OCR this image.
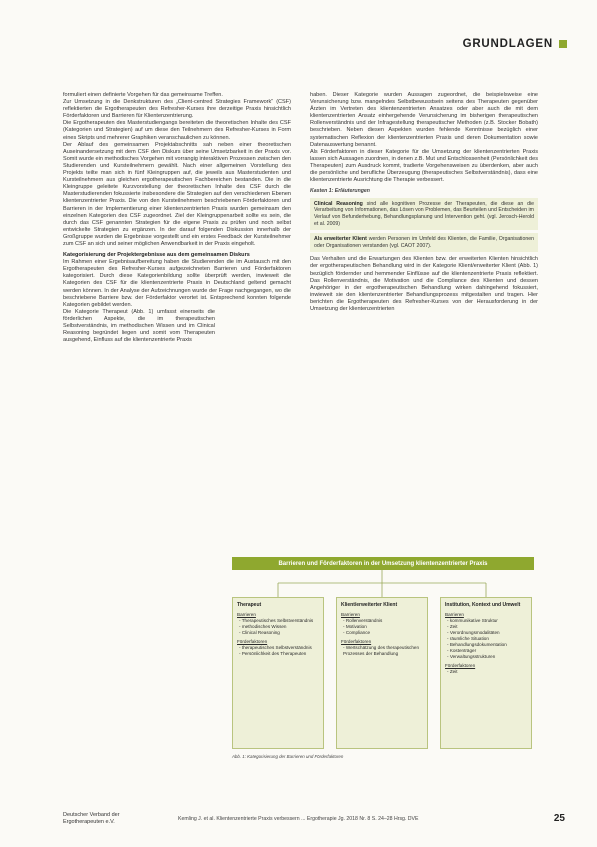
GRUNDLAGEN

formuliert einen definierte Vorgehen für das gemeinsame Treffen.

Zur Umsetzung in die Denkstrukturen des „Client-centred Strategies Framework“ (CSF) reflektierten die Ergotherapeuten des Refresher-Kurses ihre derzeitige Praxis hinsichtlich Förderfaktoren und Barrieren für Klientenzentrierung.

Die Ergotherapeuten des Masterstudiengangs bereiteten die theoretischen Inhalte des CSF (Kategorien und Strategien) auf um diese den Teilnehmern des Refresher-Kurses in Form eines Skripts und mehrerer Graphiken veranschaulichen zu können.

Der Ablauf des gemeinsamen Projektabschnitts sah neben einer theoretischen Auseinandersetzung mit dem CSF den Diskurs über seine Umsetzbarkeit in der Praxis vor. Somit wurde ein methodisches Vorgehen mit vorrangig interaktiven Prozessen zwischen den Studierenden und Kursteilnehmern gewählt. Nach einer allgemeinen Vorstellung des Projekts teilte man sich in fünf Kleingruppen auf, die jeweils aus Masterstudenten und Kursteilnehmern aus gleichen ergotherapeutischen Fachbereichen bestanden. Die in die Kleingruppe geleitete Kurzvorstellung der theoretischen Inhalte des CSF durch die Masterstudierenden fokussierte insbesondere die Strategien auf den verschiedenen Ebenen klientenzentrierter Praxis. Die von den Kursteilnehmern beschriebenen Förderfaktoren und Barrieren in der Implementierung einer klientenzentrierten Praxis wurden gemeinsam den einzelnen Kategorien des CSF zugeordnet. Ziel der Kleingruppenarbeit sollte es sein, die durch das CSF genannten Strategien für die eigene Praxis zu prüfen und noch selbst entwickelte Strategien zu ergänzen. In der darauf folgenden Diskussion innerhalb der Großgruppe wurden die Ergebnisse vorgestellt und ein erstes Feedback der Kursteilnehmer zum CSF an sich und seiner möglichen Anwendbarkeit in der Praxis eingeholt.

Kategorisierung der Projektergebnisse aus dem gemeinsamen Diskurs

Im Rahmen einer Ergebnisaufbereitung haben die Studierenden die im Austausch mit den Ergotherapeuten des Refresher-Kurses aufgezeichneten Barrieren und Förderfaktoren kategorisiert. Durch diese Kategorienbildung sollte überprüft werden, inwieweit die Kategorien des CSF für die klientenzentrierte Praxis in Deutschland geltend gemacht werden können. In der Analyse der Aufzeichnungen wurde der Frage nachgegangen, wo die beschriebene Barriere bzw. der Förderfaktor verortet ist. Entsprechend konnten folgende Kategorien gebildet werden.

Die Kategorie Therapeut (Abb. 1) umfasst einerseits die förderlichen Aspekte, die im therapeutischen Selbstverständnis, im methodischen Wissen und im Clinical Reasoning begründet liegen und somit vom Therapeuten ausgehend, Einfluss auf die klientenzentrierte Praxis

haben. Dieser Kategorie wurden Aussagen zugeordnet, die beispielsweise eine Verunsicherung bzw. mangelndes Selbstbewusstsein seitens des Therapeuten gegenüber Ärzten im Vertreten des klientenzentrierten Ansatzes oder aber auch die mit dem klientenzentrierten Ansatz einhergehende Verunsicherung im bisherigen therapeutischen Rollenverständnis und der Infragestellung therapeutischer Methoden (z.B. Stocker Bobath) beschrieben. Neben diesen Aspekten wurden fehlende Kenntnisse bezüglich einer systematischen Reflexion der klientenzentrierten Praxis und deren Dokumentation sowie Datenauswertung benannt.

Als Förderfaktoren in dieser Kategorie für die Umsetzung der klientenzentrierten Praxis lassen sich Aussagen zuordnen, in denen z.B. Mut und Entschlossenheit (Persönlichkeit des Therapeuten) zum Ausdruck kommt, tradierte Vorgehensweisen zu überdenken, aber auch die persönliche und berufliche Überzeugung (therapeutisches Selbstverständnis), dass eine klientenzentrierte Ausrichtung die Therapie verbessert.

Kasten 1: Erläuterungen
Clinical Reasoning sind alle kognitiven Prozesse der Therapeuten, die diese an die Verarbeitung von Informationen, das Lösen von Problemen, das Beurteilen und Entscheiden im Verlauf von Befunderhebung, Behandlungsplanung und Intervention geht. (vgl. Jerosch-Herold et al. 2009)
Als erweiterter Klient werden Personen im Umfeld des Klienten, die Familie, Organisationen oder Organisationen verstanden (vgl. CAOT 2007).

Das Verhalten und die Erwartungen des Klienten bzw. der erweiterten Klienten hinsichtlich der ergotherapeutischen Behandlung wird in der Kategorie Klient/erweiterter Klient (Abb. 1) bezüglich fördernder und hemmender Einflüsse auf die klientenzentrierte Praxis reflektiert. Das Rollenverständnis, die Motivation und die Compliance des Klienten und dessen Angehöriger in der ergotherapeutischen Behandlung wirken dahingehend fokussiert, inwieweit sie den klientenzentrierter Behandlungsprozess mitgestalten und tragen. Hier berichten die Ergotherapeuten des Refresher-Kurses von der Herausforderung in der Umsetzung der klientenzentrierten

Barrieren und Förderfaktoren in der Umsetzung klientenzentrierter Praxis
Therapeut
Barrieren
- Therapeutisches Selbstverständnis
- methodisches Wissen
- Clinical Reasoning
Förderfaktoren
- therapeutisches Selbstverständnis
- Persönlichkeit des Therapeuten
Klient/erweiterter Klient
Barrieren
- Rollenverständnis
- Motivation
- Compliance
Förderfaktoren
- Wertschätzung des therapeutischen Prozesses der Behandlung
Institution, Kontext und Umwelt
Barrieren
- kommunikative Struktur
- Zeit
- Verordnungsmodalitäten
- räumliche Situation
- Behandlungsdokumentation
- Kostenträger
- Verwaltungsstrukturen
Förderfaktoren
- Zeit
Abb. 1: Kategorisierung der Barrieren und Förderfaktoren
Deutscher Verband der
Ergotherapeuten e.V.	Kemling J. et al. Klientenzentrierte Praxis verbessern ... Ergotherapie Jg. 2018 Nr. 8 S. 24–28 Hrsg. DVE	25
